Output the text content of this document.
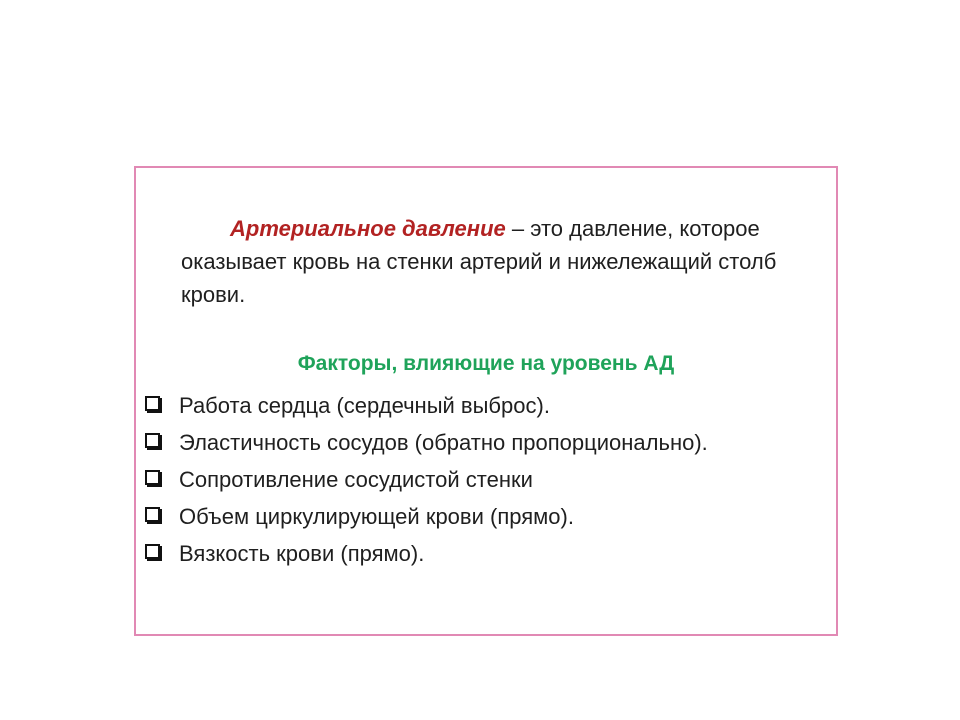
Артериальное давление – это давление, которое оказывает кровь на стенки артерий и нижележащий столб крови.
Факторы, влияющие на уровень АД
Работа сердца (сердечный выброс).
Эластичность сосудов (обратно пропорционально).
Сопротивление сосудистой стенки
Объем циркулирующей крови (прямо).
Вязкость крови (прямо).
